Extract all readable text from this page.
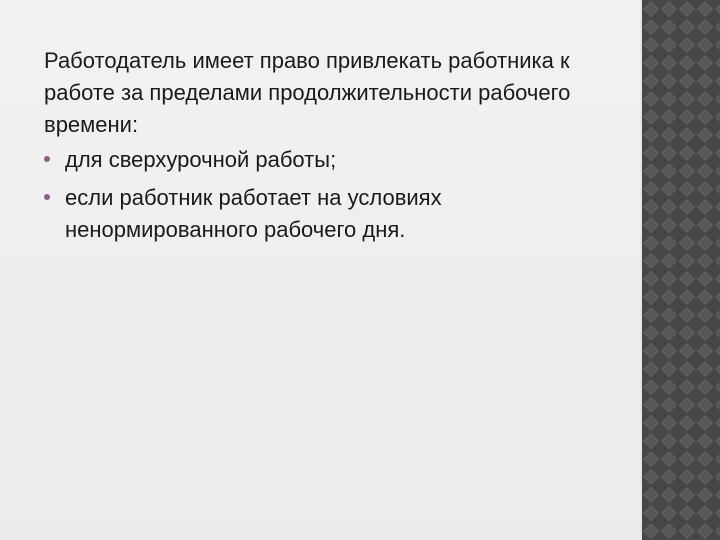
Работодатель имеет право привлекать работника к работе за пределами продолжительности рабочего времени:

для сверхурочной работы;
если работник работает на условиях ненормированного рабочего дня.
